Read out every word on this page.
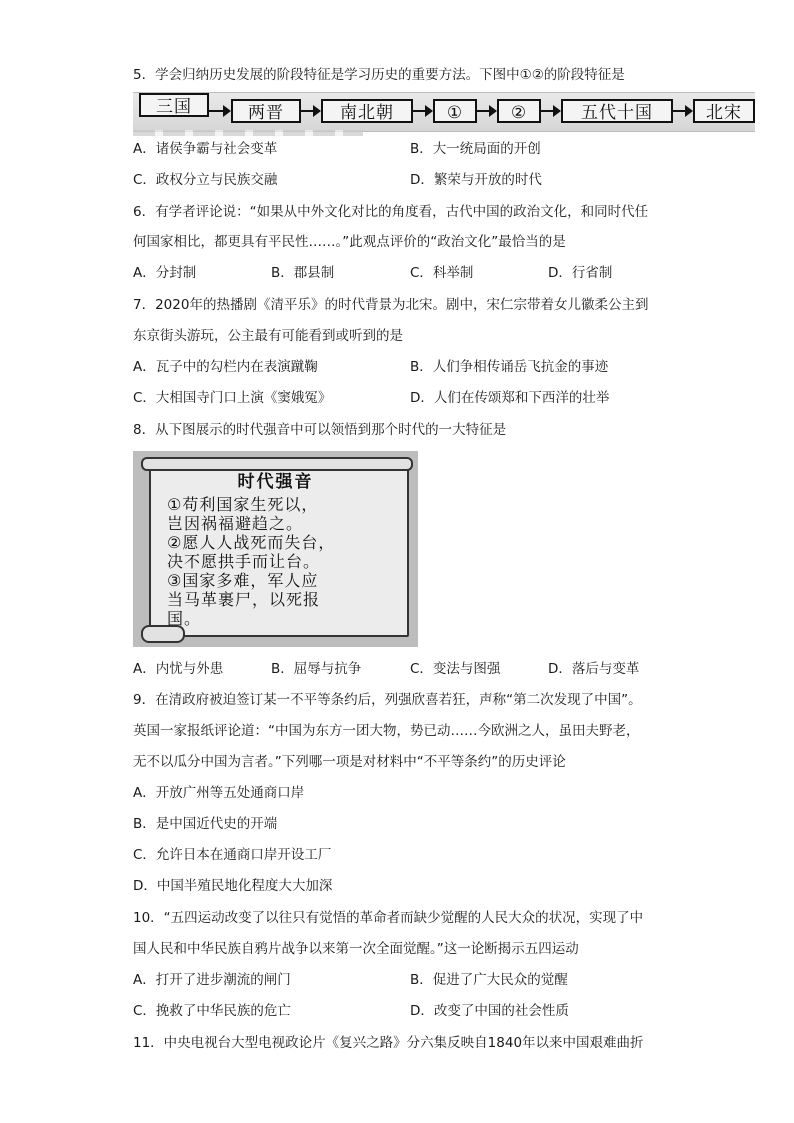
5．学会归纳历史发展的阶段特征是学习历史的重要方法。下图中①②的阶段特征是
三国	两晋	南北朝	①	②	五代十国	北宋
A．诸侯争霸与社会变革	B．大一统局面的开创
C．政权分立与民族交融	D．繁荣与开放的时代
6．有学者评论说：“如果从中外文化对比的角度看，古代中国的政治文化，和同时代任
何国家相比，都更具有平民性……。”此观点评价的“政治文化”最恰当的是
A．分封制	B．郡县制	C．科举制	D．行省制
7．2020年的热播剧《清平乐》的时代背景为北宋。剧中，宋仁宗带着女儿徽柔公主到
东京街头游玩，公主最有可能看到或听到的是
A．瓦子中的勾栏内在表演蹴鞠	B．人们争相传诵岳飞抗金的事迹
C．大相国寺门口上演《窦娥冤》	D．人们在传颂郑和下西洋的壮举
8．从下图展示的时代强音中可以领悟到那个时代的一大特征是
时代强音
①苟利国家生死以，
岂因祸福避趋之。
②愿人人战死而失台，
决不愿拱手而让台。
③国家多难，军人应
当马革裹尸，以死报
国。
A．内忧与外患	B．屈辱与抗争	C．变法与图强	D．落后与变革
9．在清政府被迫签订某一不平等条约后，列强欣喜若狂，声称“第二次发现了中国”。
英国一家报纸评论道：“中国为东方一团大物，势已动……今欧洲之人，虽田夫野老，
无不以瓜分中国为言者。”下列哪一项是对材料中“不平等条约”的历史评论
A．开放广州等五处通商口岸
B．是中国近代史的开端
C．允许日本在通商口岸开设工厂
D．中国半殖民地化程度大大加深
10．“五四运动改变了以往只有觉悟的革命者而缺少觉醒的人民大众的状况，实现了中
国人民和中华民族自鸦片战争以来第一次全面觉醒。”这一论断揭示五四运动
A．打开了进步潮流的闸门	B．促进了广大民众的觉醒
C．挽救了中华民族的危亡	D．改变了中国的社会性质
11．中央电视台大型电视政论片《复兴之路》分六集反映自1840年以来中国艰难曲折
